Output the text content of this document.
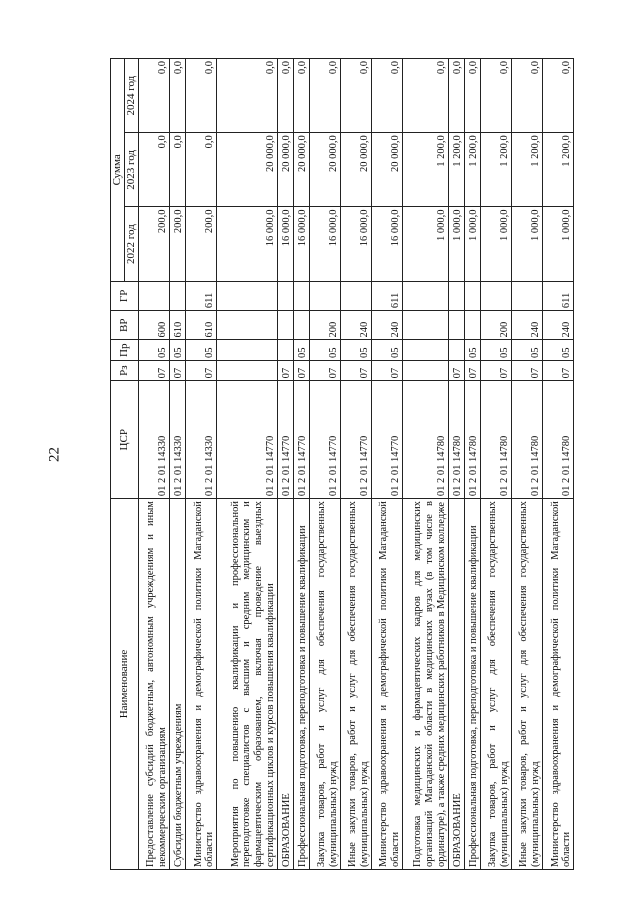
22
Наименование	ЦСР	Рз	Пр	ВР	ГР	Сумма		
						2022 год	2023 год	2024 год
Предоставление субсидий бюджетным, автономным учреждениям и иным некоммерческим организациям	01 2 01 14330	07	05	600		200,0	0,0	0,0
Субсидии бюджетным учреждениям	01 2 01 14330	07	05	610		200,0	0,0	0,0
Министерство здравоохранения и демографической политики Магаданской области	01 2 01 14330	07	05	610	611	200,0	0,0	0,0
Мероприятия по повышению квалификации и профессиональной переподготовке специалистов с высшим и средним медицинским и фармацевтическим образованием, включая проведение выездных сертификационных циклов и курсов повышения квалификации	01 2 01 14770					16 000,0	20 000,0	0,0
ОБРАЗОВАНИЕ	01 2 01 14770	07				16 000,0	20 000,0	0,0
Профессиональная подготовка, переподготовка и повышение квалификации	01 2 01 14770	07	05			16 000,0	20 000,0	0,0
Закупка товаров, работ и услуг для обеспечения государственных (муниципальных) нужд	01 2 01 14770	07	05	200		16 000,0	20 000,0	0,0
Иные закупки товаров, работ и услуг для обеспечения государственных (муниципальных) нужд	01 2 01 14770	07	05	240		16 000,0	20 000,0	0,0
Министерство здравоохранения и демографической политики Магаданской области	01 2 01 14770	07	05	240	611	16 000,0	20 000,0	0,0
Подготовка медицинских и фармацевтических кадров для медицинских организаций Магаданской области в медицинских вузах (в том числе в ординатуре), а также средних медицинских работников в Медицинском колледже	01 2 01 14780					1 000,0	1 200,0	0,0
ОБРАЗОВАНИЕ	01 2 01 14780	07				1 000,0	1 200,0	0,0
Профессиональная подготовка, переподготовка и повышение квалификации	01 2 01 14780	07	05			1 000,0	1 200,0	0,0
Закупка товаров, работ и услуг для обеспечения государственных (муниципальных) нужд	01 2 01 14780	07	05	200		1 000,0	1 200,0	0,0
Иные закупки товаров, работ и услуг для обеспечения государственных (муниципальных) нужд	01 2 01 14780	07	05	240		1 000,0	1 200,0	0,0
Министерство здравоохранения и демографической политики Магаданской области	01 2 01 14780	07	05	240	611	1 000,0	1 200,0	0,0
